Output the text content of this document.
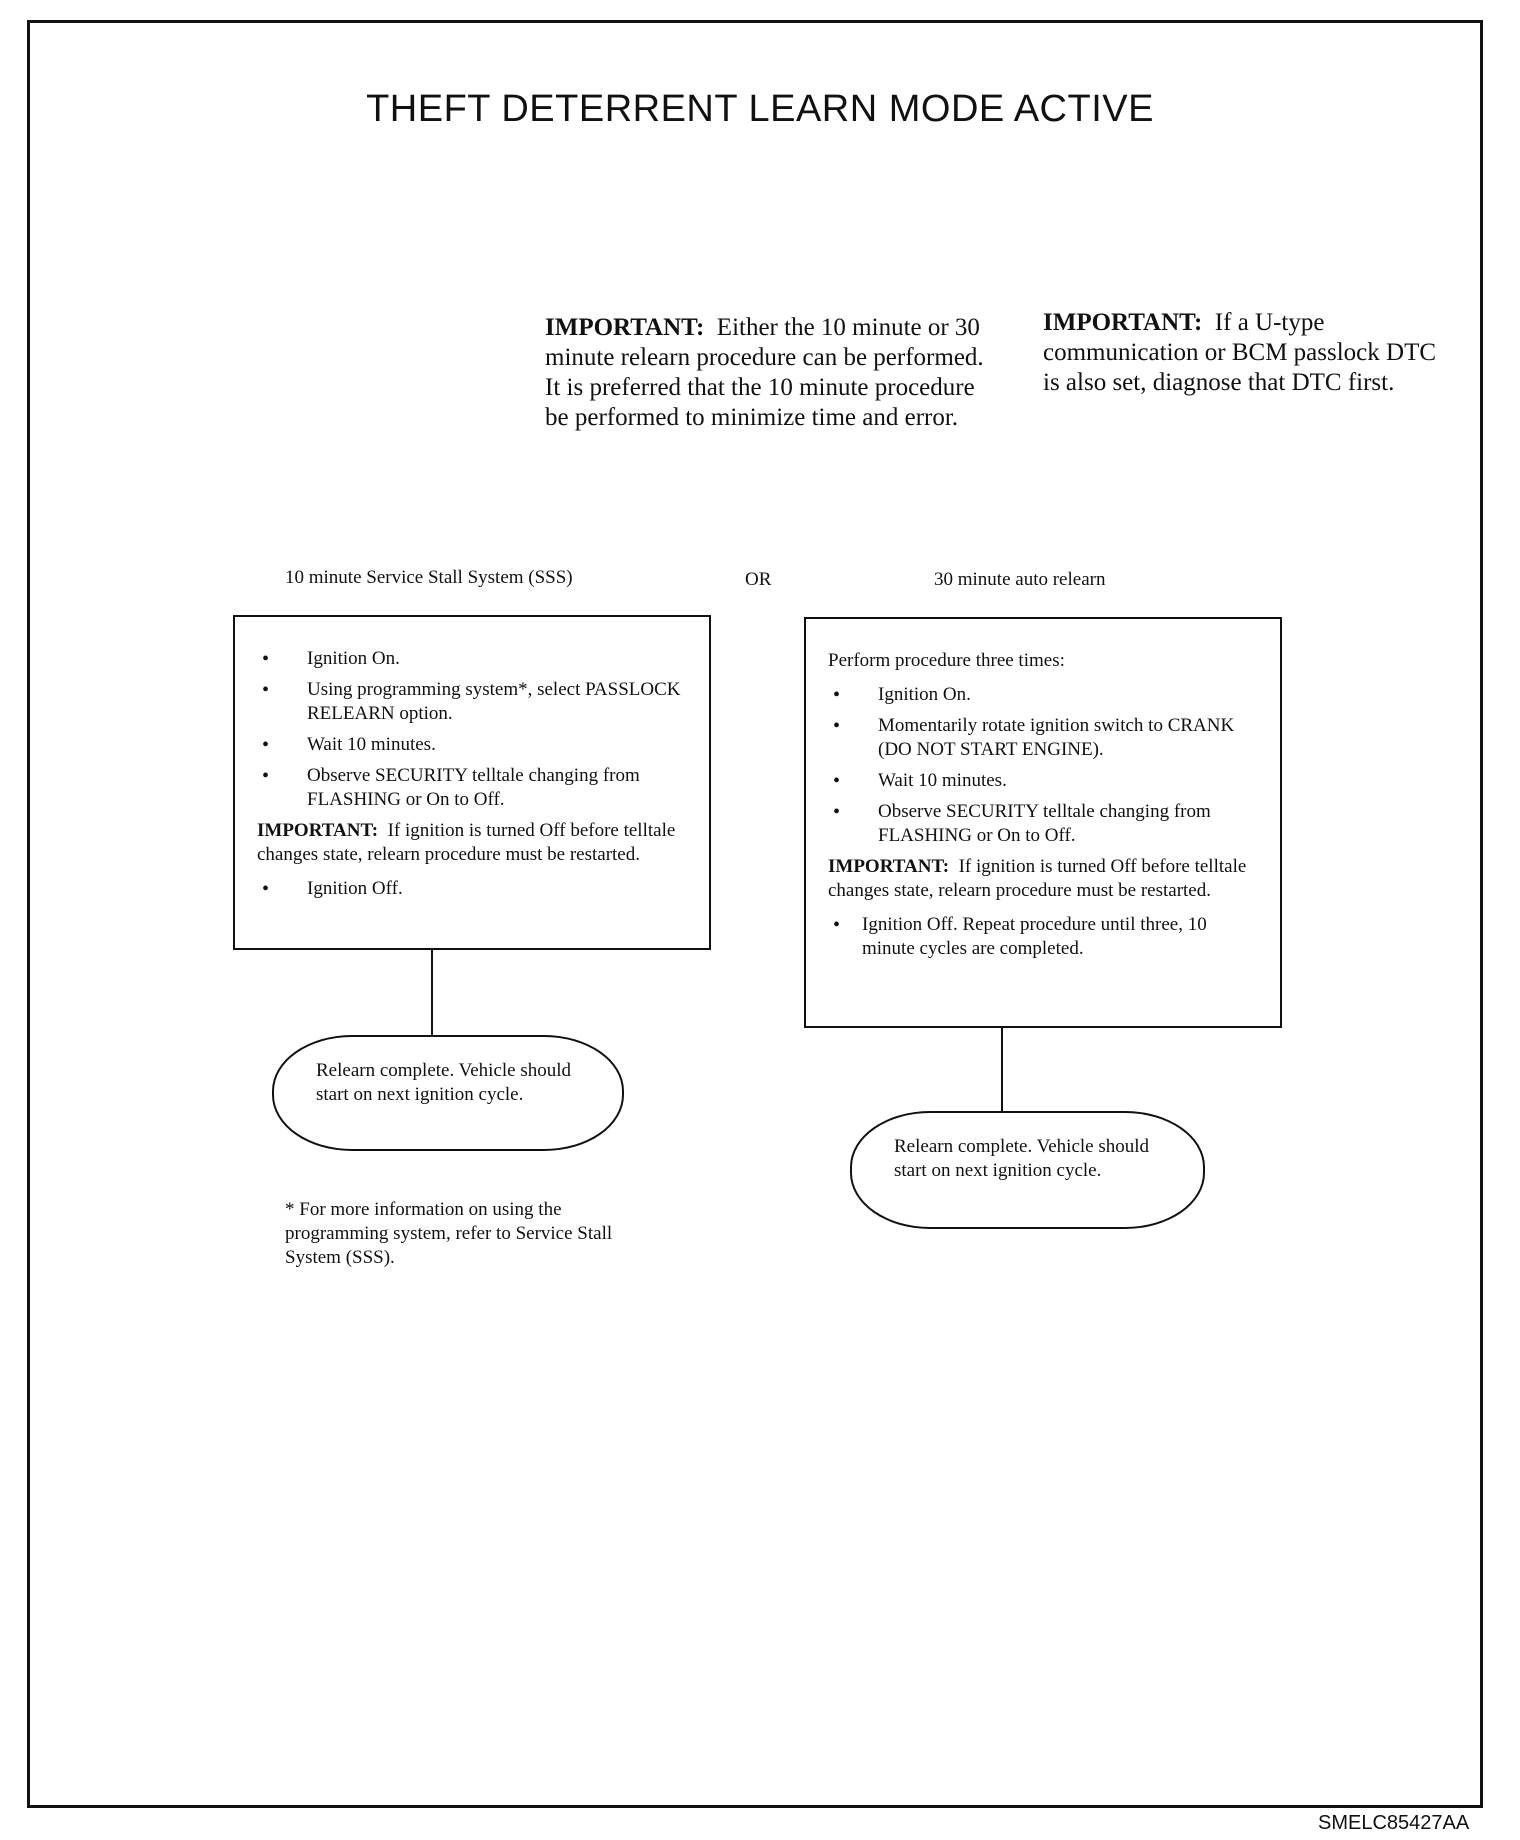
THEFT DETERRENT LEARN MODE ACTIVE
IMPORTANT: Either the 10 minute or 30 minute relearn procedure can be performed. It is preferred that the 10 minute procedure be performed to minimize time and error.
IMPORTANT: If a U-type communication or BCM passlock DTC is also set, diagnose that DTC first.
10 minute Service Stall System (SSS)	OR	30 minute auto relearn
• Ignition On.
• Using programming system*, select PASSLOCK RELEARN option.
• Wait 10 minutes.
• Observe SECURITY telltale changing from FLASHING or On to Off.
IMPORTANT: If ignition is turned Off before telltale changes state, relearn procedure must be restarted.
• Ignition Off.
Relearn complete. Vehicle should start on next ignition cycle.
Perform procedure three times:
• Ignition On.
• Momentarily rotate ignition switch to CRANK (DO NOT START ENGINE).
• Wait 10 minutes.
• Observe SECURITY telltale changing from FLASHING or On to Off.
IMPORTANT: If ignition is turned Off before telltale changes state, relearn procedure must be restarted.
• Ignition Off. Repeat procedure until three, 10 minute cycles are completed.
Relearn complete. Vehicle should start on next ignition cycle.
* For more information on using the programming system, refer to Service Stall System (SSS).
SMELC85427AA
